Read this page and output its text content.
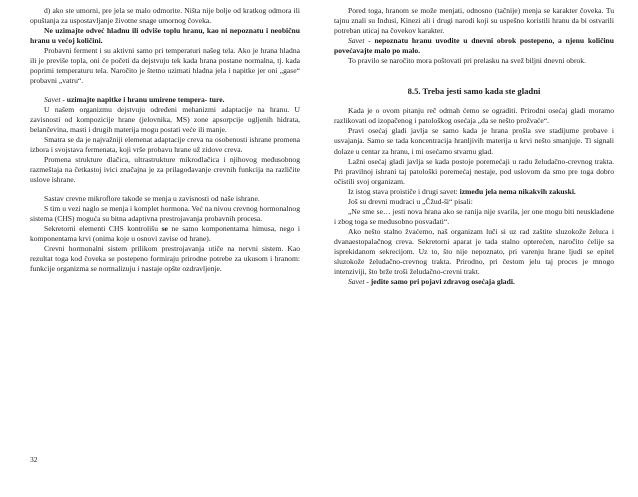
d) ako ste umorni, pre jela se malo odmorite. Ništa nije bolje od kratkog odmora ili opuštanja za uspostavljanje životne snage umornog čoveka.

Ne uzimajte odveć hladnu ili odviše toplu hranu, kao ni nepoznatu i neobičnu hranu u većoj količini.

Probavni ferment i su aktivni samo pri temperaturi našeg tela. Ako je hrana hladna ili je previše topla, oni će početi da dejstvuju tek kada hrana postane normalna, tj. kada poprimi temperaturu tela. Naročito je štetno uzimati hladna jela i napitke jer oni „gase“ probavni „vatru“.

Savet - uzimajte napitke i hranu umirene tempera- ture.

U našem organizmu dejstvuju određeni mehanizmi adaptacije na hranu. U zavisnosti od kompozicije hrane (jelovnika, MS) zone apsorpcije ugljenih hidrata, belančevina, masti i drugih materija mogu postati veće ili manje.

Smatra se da je najvažniji elemenat adaptacije creva na osobenosti ishrane promena izbora i svojstava fermenata, koji vrše probavu hrane už zidove creva.

Promena strukture dlačica, ultrastrukture mikrodlačica i njihovog međusobnog razmeštaja na četkastoj ivici značajna je za prilagođavanje crevnih funkcija na različite uslove ishrane.

Sastav crevne mikroflore takođe se menja u zavisnosti od naše ishrane.

S tim u vezi naglo se menja i komplet hormona. Već na nivou crevnog hormonalnog sistema (CHS) moguća su bitna adaptivna prestrojavanja probavnih procesa.

Sekretorni elementi CHS kontrolišu se ne samo komponentama himusa, nego i komponentama krvi (onima koje u osnovi zavise od hrane).

Crevni hormonalni sistem prilikom prestrojavanja utiče na nervni sistem. Kao rezultat toga kod čoveka se postepeno formiraju prirodne potrebe za ukusom i hranom: funkcije organizma se normalizuju i nastaje opšte ozdravljenje.

Pored toga, hranom se može menjati, odnosno (tačnije) menja se karakter čoveka. Tu tajnu znali su Indusi, Kinezi ali i drugi narodi koji su uspešno koristili hranu da bi ostvarili potreban uticaj na čovekov karakter.

Savet - nepoznatu hranu uvodite u dnevni obrok postepeno, a njenu količinu povećavajte malo po malo.

To pravilo se naročito mora poštovati pri prelasku na svež biljni dnevni obrok.

8.5. Treba jesti samo kada ste gladni

Kada je o ovom pitanju reč odmah ćemo se ograditi. Prirodni osećaj gladi moramo razlikovati od izopačenog i patološkog osećaja „da se nešto prožvaće“.

Pravi osećaj gladi javlja se samo kada je hrana prošla sve stadijume probave i usvajanja. Samo se tada koncentracija hranljivih materija u krvi nešto smanjuje. Ti signali dolaze u centar za hranu, i mi osećamo stvarnu glad.

Lažni osećaj gladi javlja se kada postoje poremećaji u radu želudačno-crevnog trakta. Pri pravilnoj ishrani taj patološki poremećaj nestaje, pod uslovom da smo pre toga dobro očistili svoj organizam.

Iz istog stava proističe i drugi savet: između jela nema nikakvih zakuski.

Još su drevni mudraci u „Čžud-ši“ pisali:

„Ne sme se… jesti nova hrana ako se ranija nije svarila, jer one mogu biti neusklađene i zbog toga se međusobno posvađati“.

Ako nešto stalno žvaćemo, naš organizam luči si uz rad zaštite sluzokože želuca i dvanaestopalačnog creva. Sekretorni aparat je tada stalno opterećen, naročito ćelije sa isprekidanom sekrecijom. Uz to, što nije nepoznato, pri varenju hrane ljudi se epitel sluzokože želudačno-crevnog trakta. Prirodno, pri čestom jelu taj proces je mnogo intenziviji, što brže troši želudačno-crevni trakt.

Savet - jedite samo pri pojavi zdravog osećaja gladi.

32
